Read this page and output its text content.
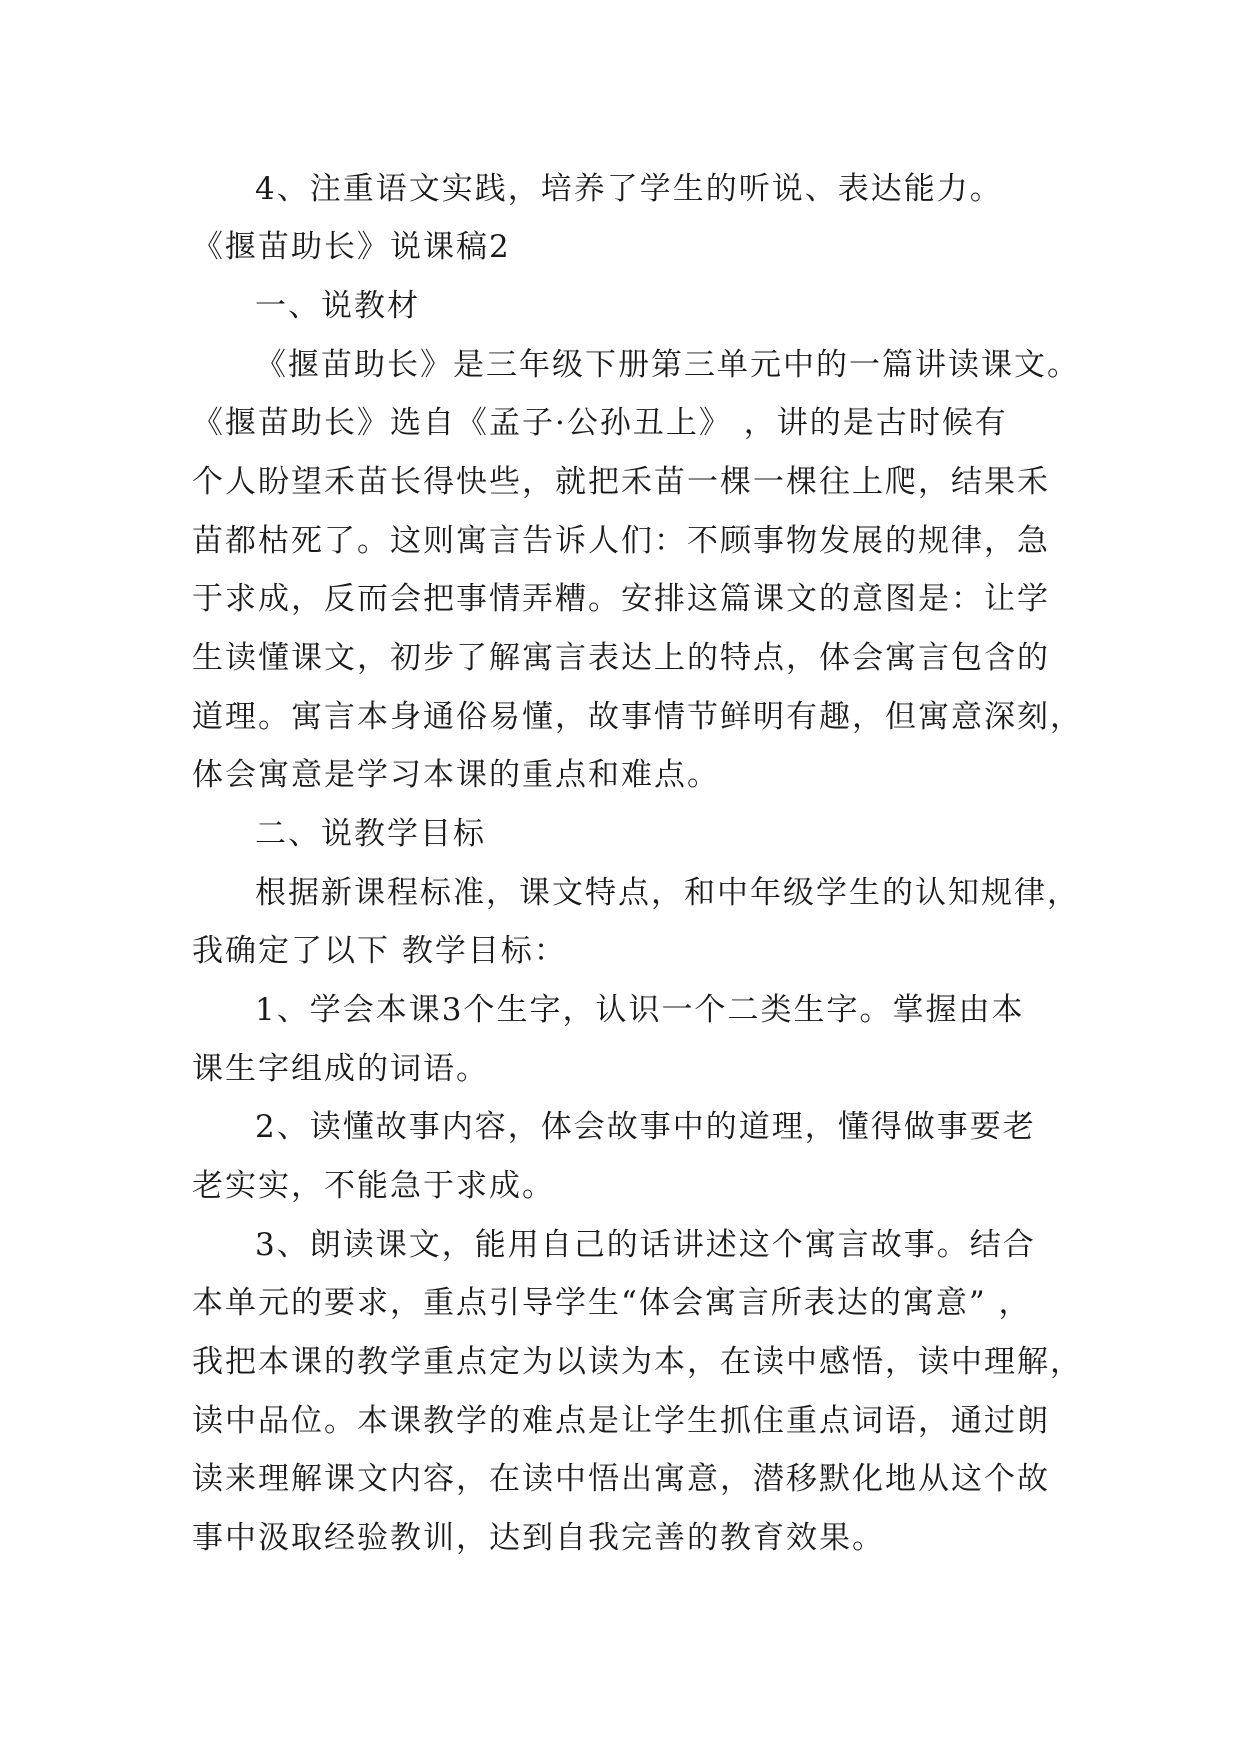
4、注重语文实践，培养了学生的听说、表达能力。
《揠苗助长》说课稿2
一、说教材
《揠苗助长》是三年级下册第三单元中的一篇讲读课文。
《揠苗助长》选自《孟子·公孙丑上》 ，讲的是古时候有
个人盼望禾苗长得快些，就把禾苗一棵一棵往上爬，结果禾
苗都枯死了。这则寓言告诉人们：不顾事物发展的规律，急
于求成，反而会把事情弄糟。安排这篇课文的意图是：让学
生读懂课文，初步了解寓言表达上的特点，体会寓言包含的
道理。寓言本身通俗易懂，故事情节鲜明有趣，但寓意深刻，
体会寓意是学习本课的重点和难点。
二、说教学目标
根据新课程标准，课文特点，和中年级学生的认知规律，
我确定了以下 教学目标：
1、学会本课3个生字，认识一个二类生字。掌握由本
课生字组成的词语。
2、读懂故事内容，体会故事中的道理，懂得做事要老
老实实，不能急于求成。
3、朗读课文，能用自己的话讲述这个寓言故事。结合
本单元的要求，重点引导学生“体会寓言所表达的寓意” ，
我把本课的教学重点定为以读为本，在读中感悟，读中理解，
读中品位。本课教学的难点是让学生抓住重点词语，通过朗
读来理解课文内容，在读中悟出寓意，潜移默化地从这个故
事中汲取经验教训，达到自我完善的教育效果。
